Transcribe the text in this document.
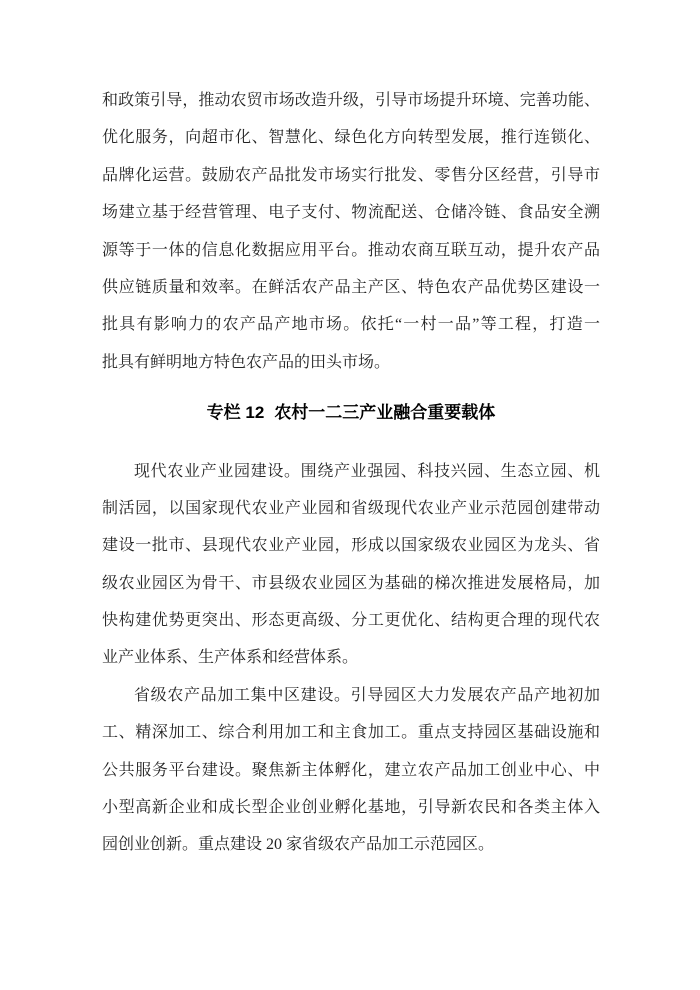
和政策引导，推动农贸市场改造升级，引导市场提升环境、完善功能、
优化服务，向超市化、智慧化、绿色化方向转型发展，推行连锁化、
品牌化运营。鼓励农产品批发市场实行批发、零售分区经营，引导市
场建立基于经营管理、电子支付、物流配送、仓储冷链、食品安全溯
源等于一体的信息化数据应用平台。推动农商互联互动，提升农产品
供应链质量和效率。在鲜活农产品主产区、特色农产品优势区建设一
批具有影响力的农产品产地市场。依托“一村一品”等工程，打造一
批具有鲜明地方特色农产品的田头市场。
专栏 12 农村一二三产业融合重要载体
现代农业产业园建设。围绕产业强园、科技兴园、生态立园、机
制活园，以国家现代农业产业园和省级现代农业产业示范园创建带动
建设一批市、县现代农业产业园，形成以国家级农业园区为龙头、省
级农业园区为骨干、市县级农业园区为基础的梯次推进发展格局，加
快构建优势更突出、形态更高级、分工更优化、结构更合理的现代农
业产业体系、生产体系和经营体系。
省级农产品加工集中区建设。引导园区大力发展农产品产地初加
工、精深加工、综合利用加工和主食加工。重点支持园区基础设施和
公共服务平台建设。聚焦新主体孵化，建立农产品加工创业中心、中
小型高新企业和成长型企业创业孵化基地，引导新农民和各类主体入
园创业创新。重点建设 20 家省级农产品加工示范园区。
